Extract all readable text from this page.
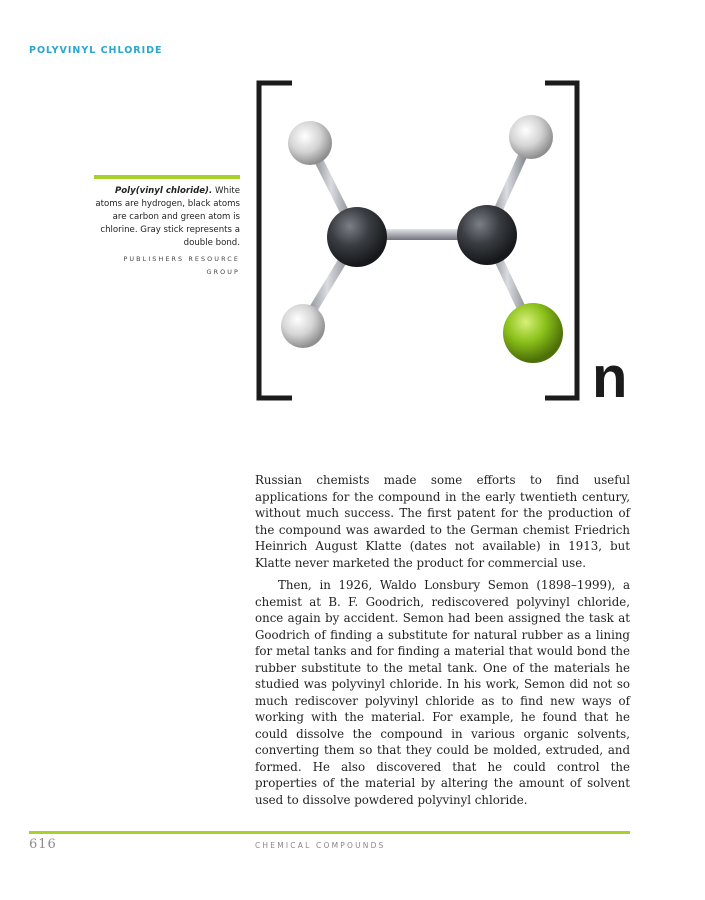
POLYVINYL CHLORIDE
Poly(vinyl chloride). White atoms are hydrogen, black atoms are carbon and green atom is chlorine. Gray stick represents a double bond.
PUBLISHERS RESOURCE GROUP
n

Russian chemists made some efforts to find useful applications for the compound in the early twentieth century, without much success. The first patent for the production of the compound was awarded to the German chemist Friedrich Heinrich August Klatte (dates not available) in 1913, but Klatte never marketed the product for commercial use.

Then, in 1926, Waldo Lonsbury Semon (1898–1999), a chemist at B. F. Goodrich, rediscovered polyvinyl chloride, once again by accident. Semon had been assigned the task at Goodrich of finding a substitute for natural rubber as a lining for metal tanks and for finding a material that would bond the rubber substitute to the metal tank. One of the materials he studied was polyvinyl chloride. In his work, Semon did not so much rediscover polyvinyl chloride as to find new ways of working with the material. For example, he found that he could dissolve the compound in various organic solvents, converting them so that they could be molded, extruded, and formed. He also discovered that he could control the properties of the material by altering the amount of solvent used to dissolve powdered polyvinyl chloride.

616	CHEMICAL COMPOUNDS
